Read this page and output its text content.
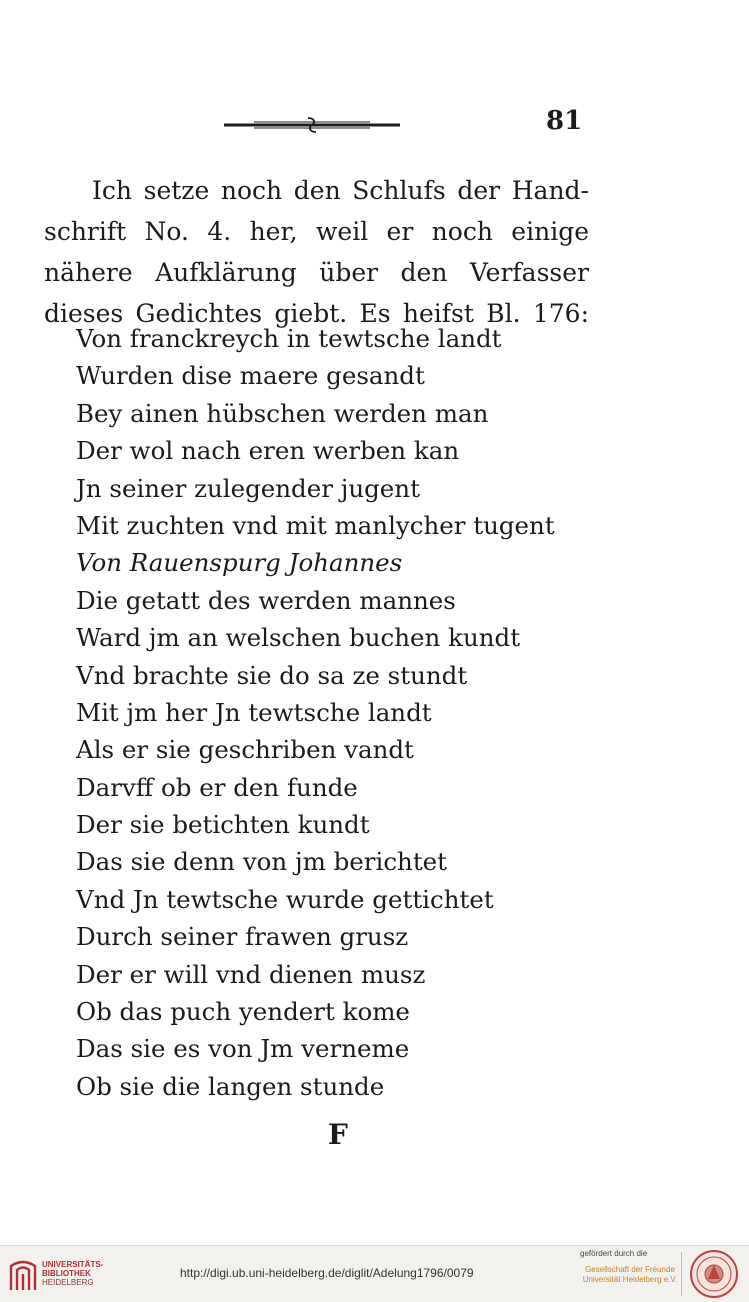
81
Ich setze noch den Schlufs der Hand-
schrift No. 4. her, weil er noch einige
nähere Aufklärung über den Verfasser
dieses Gedichtes giebt. Es heifst Bl. 176:
Von franckreych in tewtsche landt
Wurden dise maere gesandt
Bey ainen hübschen werden man
Der wol nach eren werben kan
Jn seiner zulegender jugent
Mit zuchten vnd mit manlycher tugent
Von Rauenspurg Johannes
Die getatt des werden mannes
Ward jm an welschen buchen kundt
Vnd brachte sie do sa ze stundt
Mit jm her Jn tewtsche landt
Als er sie geschriben vandt
Darvff ob er den funde
Der sie betichten kundt
Das sie denn von jm berichtet
Vnd Jn tewtsche wurde gettichtet
Durch seiner frawen grusz
Der er will vnd dienen musz
Ob das puch yendert kome
Das sie es von Jm verneme
Ob sie die langen stunde
F
UNIVERSITÄTS-
BIBLIOTHEK
HEIDELBERG
http://digi.ub.uni-heidelberg.de/diglit/Adelung1796/0079
gefördert durch die
Gesellschaft der Freunde
Universität Heidelberg e.V.
